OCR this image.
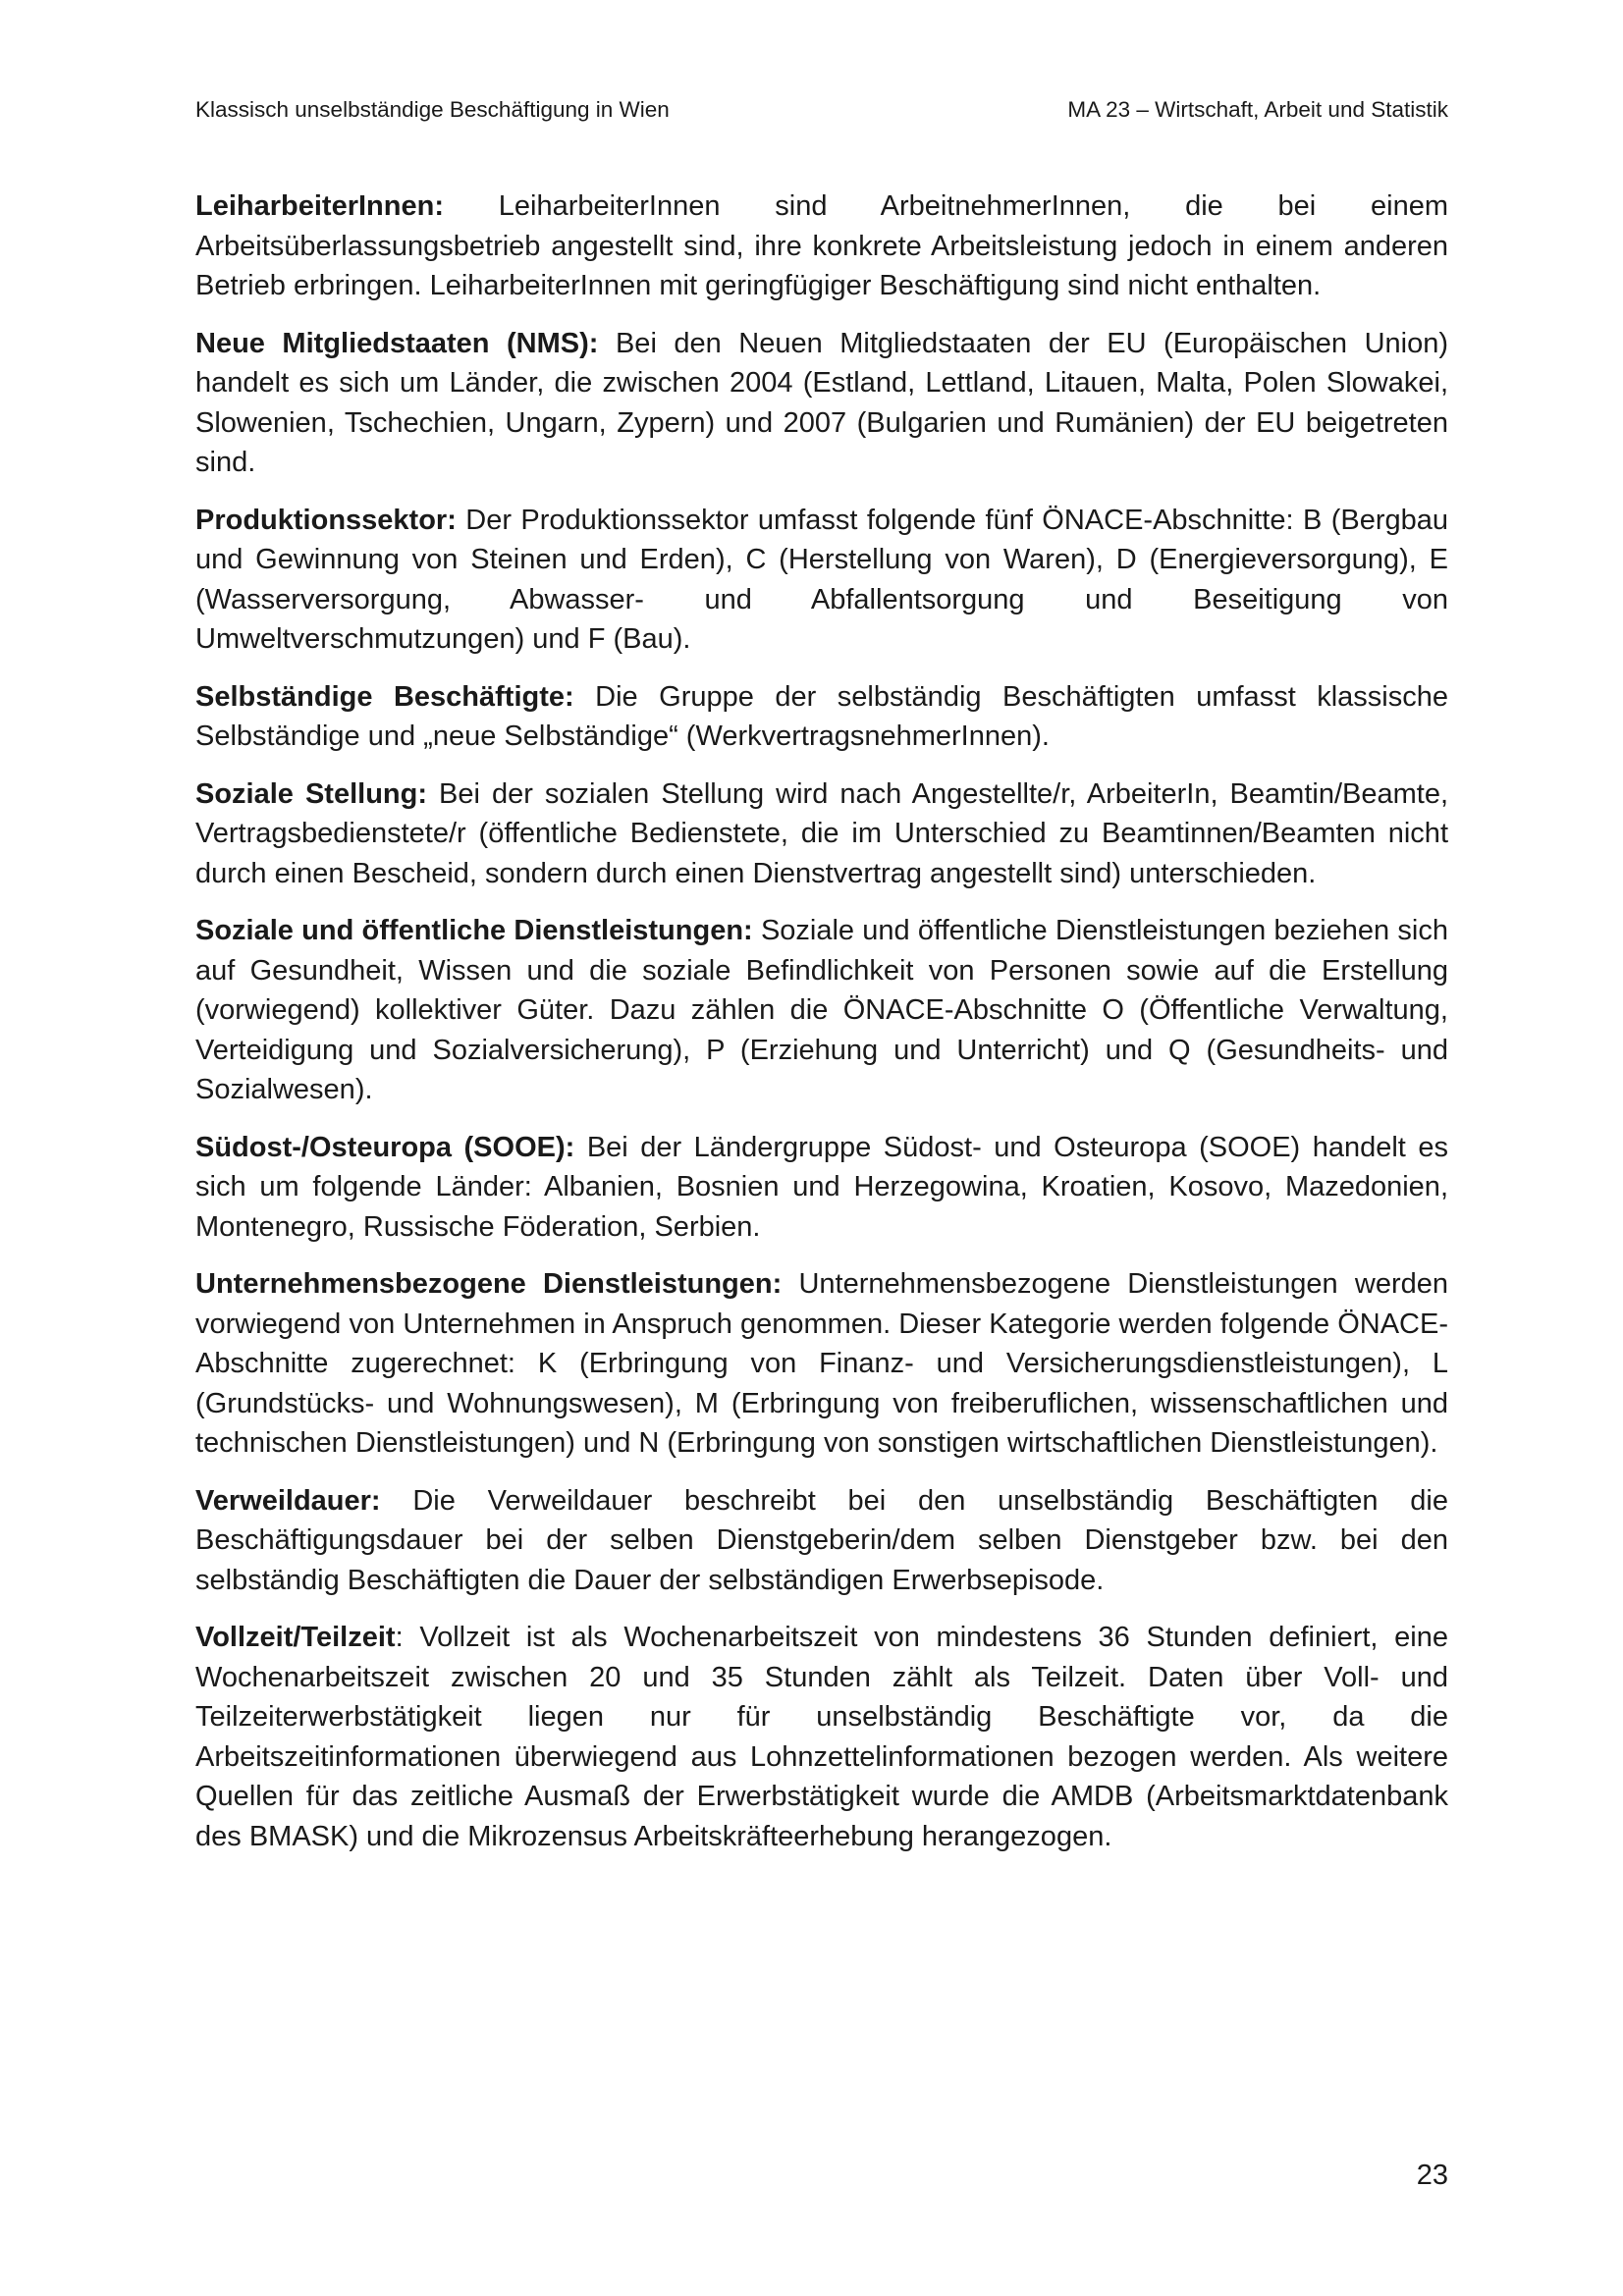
Klassisch unselbständige Beschäftigung in Wien	MA 23 – Wirtschaft, Arbeit und Statistik

LeiharbeiterInnen: LeiharbeiterInnen sind ArbeitnehmerInnen, die bei einem Arbeitsüberlassungsbetrieb angestellt sind, ihre konkrete Arbeitsleistung jedoch in einem anderen Betrieb erbringen. LeiharbeiterInnen mit geringfügiger Beschäftigung sind nicht enthalten.

Neue Mitgliedstaaten (NMS): Bei den Neuen Mitgliedstaaten der EU (Europäischen Union) handelt es sich um Länder, die zwischen 2004 (Estland, Lettland, Litauen, Malta, Polen Slowakei, Slowenien, Tschechien, Ungarn, Zypern) und 2007 (Bulgarien und Rumänien) der EU beigetreten sind.

Produktionssektor: Der Produktionssektor umfasst folgende fünf ÖNACE-Abschnitte: B (Bergbau und Gewinnung von Steinen und Erden), C (Herstellung von Waren), D (Energieversorgung), E (Wasserversorgung, Abwasser- und Abfallentsorgung und Beseitigung von Umweltverschmutzungen) und F (Bau).

Selbständige Beschäftigte: Die Gruppe der selbständig Beschäftigten umfasst klassische Selbständige und „neue Selbständige“ (WerkvertragsnehmerInnen).

Soziale Stellung: Bei der sozialen Stellung wird nach Angestellte/r, ArbeiterIn, Beamtin/Beamte, Vertragsbedienstete/r (öffentliche Bedienstete, die im Unterschied zu Beamtinnen/Beamten nicht durch einen Bescheid, sondern durch einen Dienstvertrag angestellt sind) unterschieden.

Soziale und öffentliche Dienstleistungen: Soziale und öffentliche Dienstleistungen beziehen sich auf Gesundheit, Wissen und die soziale Befindlichkeit von Personen sowie auf die Erstellung (vorwiegend) kollektiver Güter. Dazu zählen die ÖNACE-Abschnitte O (Öffentliche Verwaltung, Verteidigung und Sozialversicherung), P (Erziehung und Unterricht) und Q (Gesundheits- und Sozialwesen).

Südost-/Osteuropa (SOOE): Bei der Ländergruppe Südost- und Osteuropa (SOOE) handelt es sich um folgende Länder: Albanien, Bosnien und Herzegowina, Kroatien, Kosovo, Mazedonien, Montenegro, Russische Föderation, Serbien.

Unternehmensbezogene Dienstleistungen: Unternehmensbezogene Dienstleistungen werden vorwiegend von Unternehmen in Anspruch genommen. Dieser Kategorie werden folgende ÖNACE-Abschnitte zugerechnet: K (Erbringung von Finanz- und Versicherungsdienstleistungen), L (Grundstücks- und Wohnungswesen), M (Erbringung von freiberuflichen, wissenschaftlichen und technischen Dienstleistungen) und N (Erbringung von sonstigen wirtschaftlichen Dienstleistungen).

Verweildauer: Die Verweildauer beschreibt bei den unselbständig Beschäftigten die Beschäftigungsdauer bei der selben Dienstgeberin/dem selben Dienstgeber bzw. bei den selbständig Beschäftigten die Dauer der selbständigen Erwerbsepisode.

Vollzeit/Teilzeit: Vollzeit ist als Wochenarbeitszeit von mindestens 36 Stunden definiert, eine Wochenarbeitszeit zwischen 20 und 35 Stunden zählt als Teilzeit. Daten über Voll- und Teilzeiterwerbstätigkeit liegen nur für unselbständig Beschäftigte vor, da die Arbeitszeitinformationen überwiegend aus Lohnzettelinformationen bezogen werden. Als weitere Quellen für das zeitliche Ausmaß der Erwerbstätigkeit wurde die AMDB (Arbeitsmarktdatenbank des BMASK) und die Mikrozensus Arbeitskräfteerhebung herangezogen.

23
